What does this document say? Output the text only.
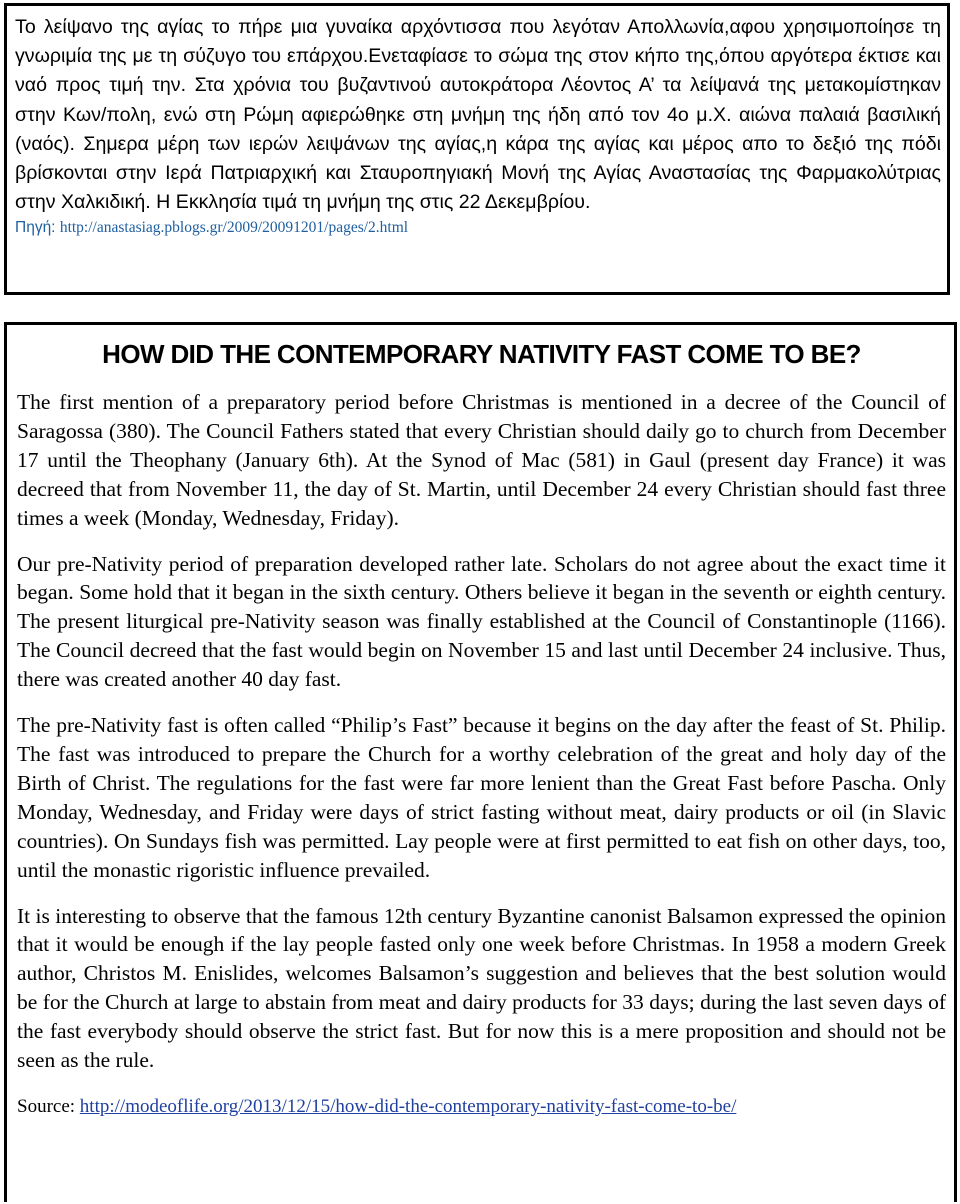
Το λείψανο της αγίας το πήρε μια γυναίκα αρχόντισσα που λεγόταν Απολλωνία,αφου χρησιμοποίησε τη γνωριμία της με τη σύζυγο του επάρχου.Ενεταφίασε το σώμα της στον κήπο της,όπου αργότερα έκτισε και ναό προς τιμή την. Στα χρόνια του βυζαντινού αυτοκράτορα Λέοντος Α’ τα λείψανά της μετακομίστηκαν στην Κων/πολη, ενώ στη Ρώμη αφιερώθηκε στη μνήμη της ήδη από τον 4ο μ.Χ. αιώνα παλαιά βασιλική (ναός). Σημερα μέρη των ιερών λειψάνων της αγίας,η κάρα της αγίας και μέρος απο το δεξιό της πόδι βρίσκονται στην Ιερά Πατριαρχική και Σταυροπηγιακή Μονή της Αγίας Αναστασίας της Φαρμακολύτριας στην Χαλκιδική. Η Εκκλησία τιμά τη μνήμη της στις 22 Δεκεμβρίου.

Πηγή: http://anastasiag.pblogs.gr/2009/20091201/pages/2.html

HOW DID THE CONTEMPORARY NATIVITY FAST COME TO BE?

The first mention of a preparatory period before Christmas is mentioned in a decree of the Council of Saragossa (380). The Council Fathers stated that every Christian should daily go to church from December 17 until the Theophany (January 6th). At the Synod of Mac (581) in Gaul (present day France) it was decreed that from November 11, the day of St. Martin, until December 24 every Christian should fast three times a week (Monday, Wednesday, Friday).

Our pre-Nativity period of preparation developed rather late. Scholars do not agree about the exact time it began. Some hold that it began in the sixth century. Others believe it began in the seventh or eighth century. The present liturgical pre-Nativity season was finally established at the Council of Constantinople (1166). The Council decreed that the fast would begin on November 15 and last until December 24 inclusive. Thus, there was created another 40 day fast.

The pre-Nativity fast is often called “Philip’s Fast” because it begins on the day after the feast of St. Philip. The fast was introduced to prepare the Church for a worthy celebration of the great and holy day of the Birth of Christ. The regulations for the fast were far more lenient than the Great Fast before Pascha. Only Monday, Wednesday, and Friday were days of strict fasting without meat, dairy products or oil (in Slavic countries). On Sundays fish was permitted. Lay people were at first permitted to eat fish on other days, too, until the monastic rigoristic influence prevailed.

It is interesting to observe that the famous 12th century Byzantine canonist Balsamon expressed the opinion that it would be enough if the lay people fasted only one week before Christmas. In 1958 a modern Greek author, Christos M. Enislides, welcomes Balsamon’s suggestion and believes that the best solution would be for the Church at large to abstain from meat and dairy products for 33 days; during the last seven days of the fast everybody should observe the strict fast. But for now this is a mere proposition and should not be seen as the rule.

Source: http://modeoflife.org/2013/12/15/how-did-the-contemporary-nativity-fast-come-to-be/
